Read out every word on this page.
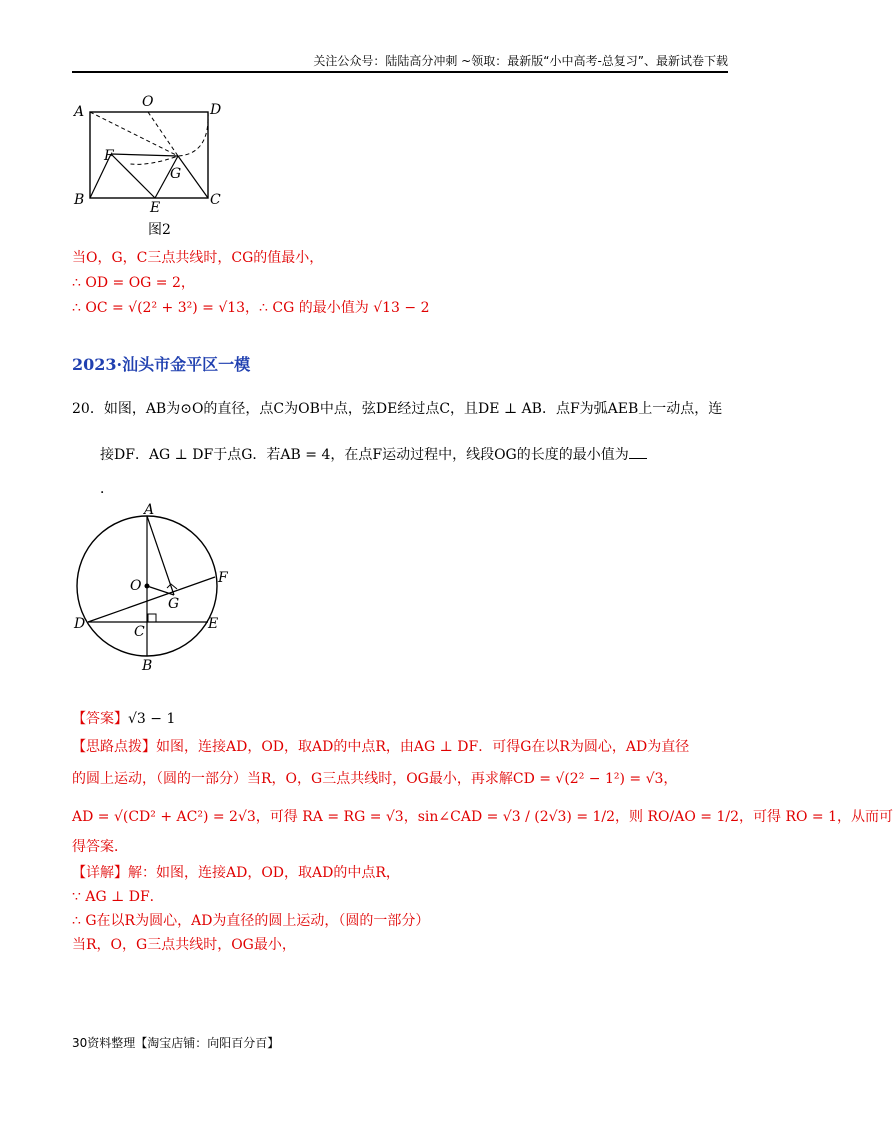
关注公众号：陆陆高分冲刺 ~领取：最新版“小中高考-总复习”、最新试卷下载
A
O	D
F
G
B	E	C
图2
当O，G，C三点共线时，CG的值最小，
∴ OD = OG = 2，
∴ OC = √(2² + 3²) = √13，∴ CG 的最小值为 √13 − 2
2023·汕头市金平区一模
20．如图，AB为⊙O的直径，点C为OB中点，弦DE经过点C，且DE ⊥ AB．点F为弧AEB上一动点，连
接DF．AG ⊥ DF于点G．若AB = 4，在点F运动过程中，线段OG的长度的最小值为
．
A
O	F
G
D	C	E
B
【答案】√3 − 1
【思路点拨】如图，连接AD，OD，取AD的中点R，由AG ⊥ DF．可得G在以R为圆心，AD为直径
的圆上运动，（圆的一部分）当R，O，G三点共线时，OG最小，再求解CD = √(2² − 1²) = √3，
AD = √(CD² + AC²) = 2√3，可得 RA = RG = √3，sin∠CAD = √3 / (2√3) = 1/2，则 RO/AO = 1/2，可得 RO = 1，从而可
得答案．
【详解】解：如图，连接AD，OD，取AD的中点R，
∵ AG ⊥ DF．
∴ G在以R为圆心，AD为直径的圆上运动，（圆的一部分）
当R，O，G三点共线时，OG最小，
30资料整理【淘宝店铺：向阳百分百】
